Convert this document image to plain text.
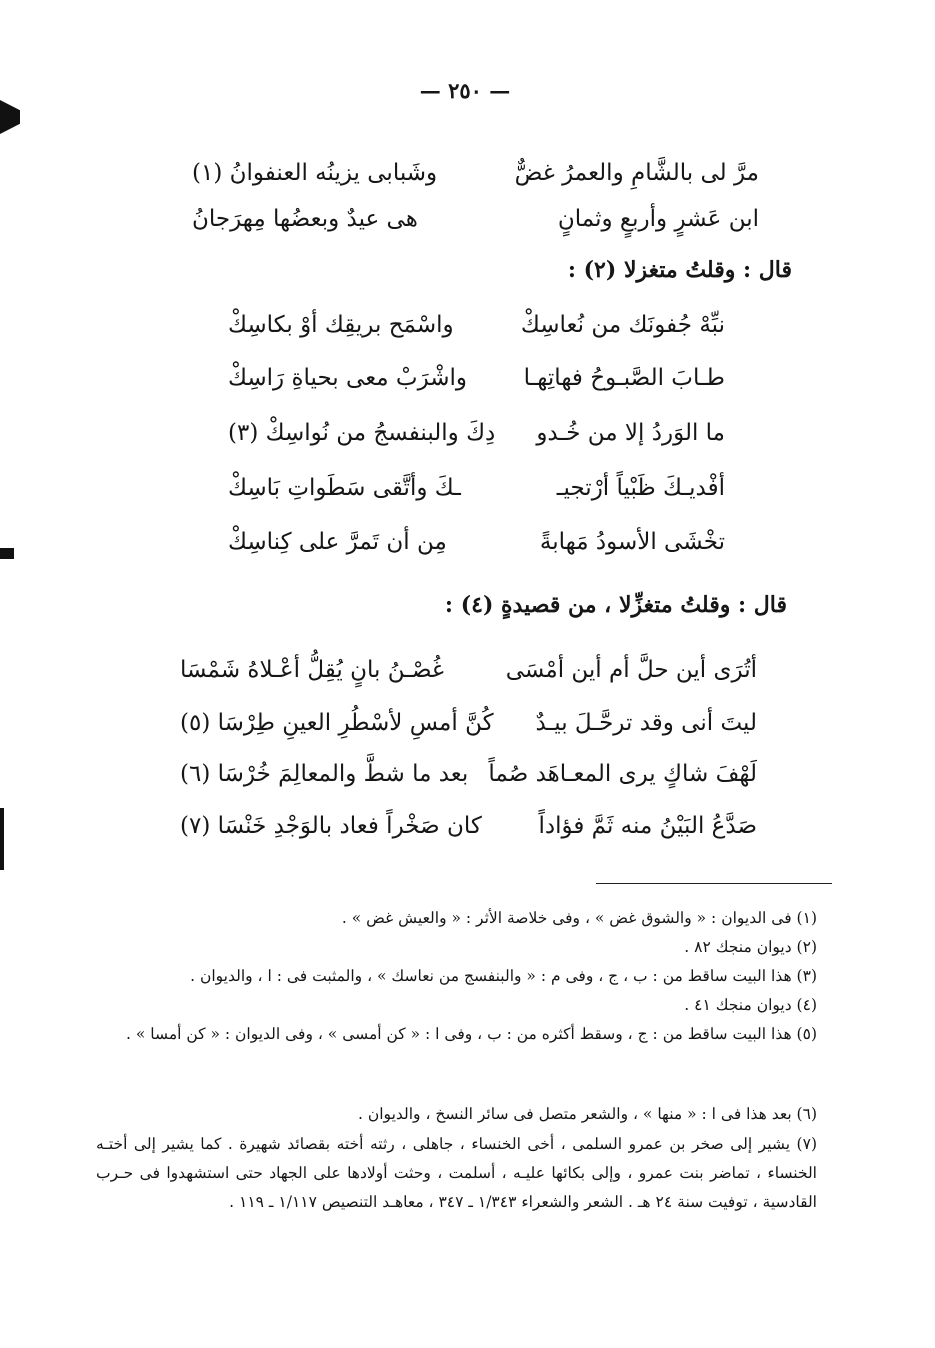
— ٢٥٠ —
مرَّ لى بالشَّامِ والعمرُ غضٌّ
وشَبابى يزينُه العنفوانُ (١)
ابن عَشرٍ وأربعٍ وثمانٍ
هى عيدٌ وبعضُها مِهرَجانُ
قال : وقلتُ متغزلا (٢) :
نبِّهْ جُفونَك من نُعاسِكْ
واسْمَح بريقِك أوْ بكاسِكْ
طـابَ الصَّبـوحُ فهاتِهـا
واشْرَبْ معى بحياةِ رَاسِكْ
ما الوَردُ إلا من خُـدو
دِكَ والبنفسجُ من نُواسِكْ (٣)
أفْديـكَ ظَبْياً أرْتجيـ
ـكَ وأتَّقى سَطَواتِ بَاسِكْ
تخْشَى الأسودُ مَهابةً
مِن أن تَمرَّ على كِناسِكْ
قال : وقلتُ متغزِّلا ، من قصيدةٍ (٤) :
أتُرَى أين حلَّ أم أين أمْسَى
غُصْـنُ بانٍ يُقِلُّ أعْـلاهُ شَمْسَا
ليتَ أنى وقد ترحَّـلَ بيـدٌ
كُنَّ أمسِ لأسْطُرِ العينِ طِرْسَا (٥)
لَهْفَ شاكٍ يرى المعـاهَد صُماً
بعد ما شطَّ والمعالِمَ خُرْسَا (٦)
صَدَّعُ البَيْنُ منه ثَمَّ فؤاداً
كان صَخْراً فعاد بالوَجْدِ خَنْسَا (٧)
(١) فى الديوان : « والشوق غض » ، وفى خلاصة الأثر : « والعيش غض » .
(٢) ديوان منجك ٨٢ .
(٣) هذا البيت ساقط من : ب ، ج ، وفى م : « والبنفسج من نعاسك » ، والمثبت فى : ا ، والديوان .
(٤) ديوان منجك ٤١ .
(٥) هذا البيت ساقط من : ج ، وسقط أكثره من : ب ، وفى ا : « كن أمسى » ، وفى الديوان : « كن أمسا » .
(٦) بعد هذا فى ا : « منها » ، والشعر متصل فى سائر النسخ ، والديوان .
(٧) يشير إلى صخر بن عمرو السلمى ، أخى الخنساء ، جاهلى ، رثته أخته بقصائد شهيرة . كما يشير إلى أختـه الخنساء ، تماضر بنت عمرو ، وإلى بكائها عليـه ، أسلمت ، وحثت أولادها على الجهاد حتى استشهدوا فى حـرب القادسية ، توفيت سنة ٢٤ هـ . الشعر والشعراء ١/٣٤٣ ـ ٣٤٧ ، معاهـد التنصيص ١/١١٧ ـ ١١٩ .
